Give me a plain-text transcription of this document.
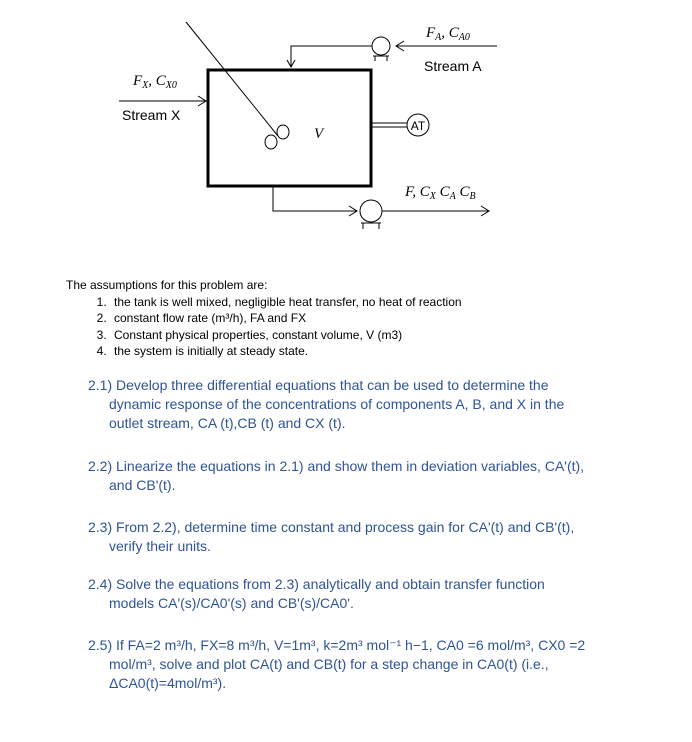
V
$F_A$, $C_{A0}$
Stream A
$F_X$, $C_{X0}$
Stream X
AT
F, $C_X$ $C_A$ $C_B$
The assumptions for this problem are:
1. the tank is well mixed, negligible heat transfer, no heat of reaction
2. constant flow rate (m³/h), FA and FX
3. Constant physical properties, constant volume, V (m3)
4. the system is initially at steady state.
2.1) Develop three differential equations that can be used to determine the
dynamic response of the concentrations of components A, B, and X in the
outlet stream, CA (t),CB (t) and CX (t).
2.2) Linearize the equations in 2.1) and show them in deviation variables, CA'(t),
and CB'(t).
2.3) From 2.2), determine time constant and process gain for CA'(t) and CB'(t),
verify their units.
2.4) Solve the equations from 2.3) analytically and obtain transfer function
models CA'(s)/CA0'(s) and CB'(s)/CA0'.
2.5) If FA=2 m³/h, FX=8 m³/h, V=1m³, k=2m³ mol⁻¹ h−1, CA0 =6 mol/m³, CX0 =2
mol/m³, solve and plot CA(t) and CB(t) for a step change in CA0(t) (i.e.,
ΔCA0(t)=4mol/m³).
